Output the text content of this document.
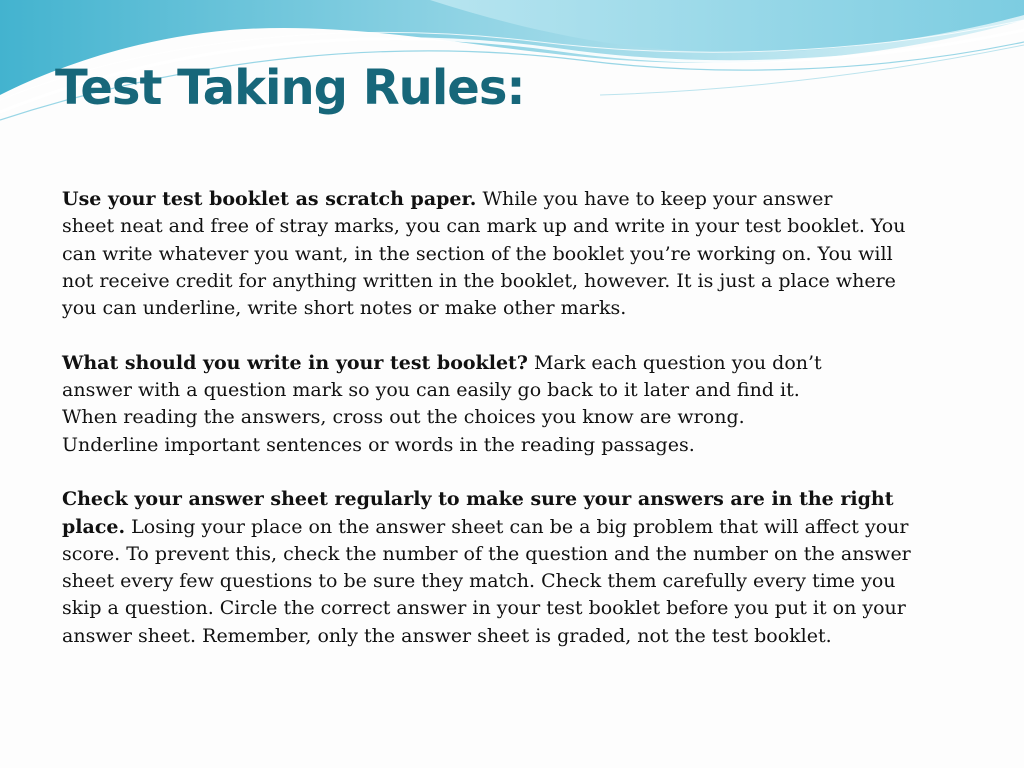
Test Taking Rules:

Use your test booklet as scratch paper. While you have to keep your answer
sheet neat and free of stray marks, you can mark up and write in your test booklet. You
can write whatever you want, in the section of the booklet you’re working on. You will
not receive credit for anything written in the booklet, however. It is just a place where
you can underline, write short notes or make other marks.

What should you write in your test booklet? Mark each question you don’t
answer with a question mark so you can easily go back to it later and find it.
When reading the answers, cross out the choices you know are wrong.
Underline important sentences or words in the reading passages.

Check your answer sheet regularly to make sure your answers are in the right
place. Losing your place on the answer sheet can be a big problem that will affect your
score. To prevent this, check the number of the question and the number on the answer
sheet every few questions to be sure they match. Check them carefully every time you
skip a question. Circle the correct answer in your test booklet before you put it on your
answer sheet. Remember, only the answer sheet is graded, not the test booklet.
